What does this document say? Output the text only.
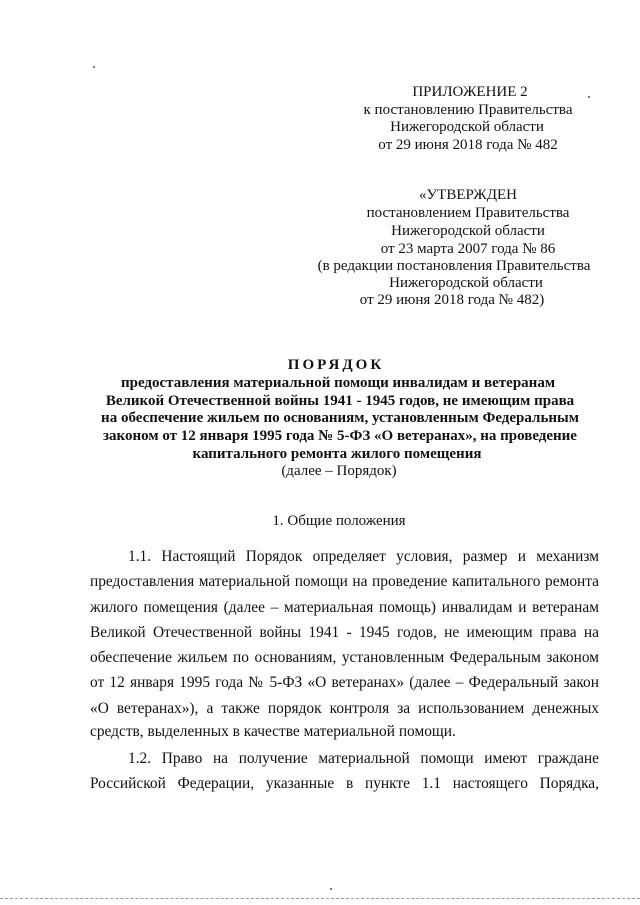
ПРИЛОЖЕНИЕ 2
к постановлению Правительства
Нижегородской области
от 29 июня 2018 года № 482
«УТВЕРЖДЕН
постановлением Правительства
Нижегородской области
от 23 марта 2007 года № 86
(в редакции постановления Правительства
Нижегородской области
от 29 июня 2018 года № 482)
ПОРЯДОК
предоставления материальной помощи инвалидам и ветеранам
Великой Отечественной войны 1941 - 1945 годов, не имеющим права
на обеспечение жильем по основаниям, установленным Федеральным
законом от 12 января 1995 года № 5-ФЗ «О ветеранах», на проведение
капитального ремонта жилого помещения
(далее – Порядок)
1. Общие положения
1.1. Настоящий Порядок определяет условия, размер и механизм
предоставления материальной помощи на проведение капитального ремонта
жилого помещения (далее – материальная помощь) инвалидам и ветеранам
Великой Отечественной войны 1941 - 1945 годов, не имеющим права на
обеспечение жильем по основаниям, установленным Федеральным законом
от 12 января 1995 года № 5-ФЗ «О ветеранах» (далее – Федеральный закон
«О ветеранах»), а также порядок контроля за использованием денежных
средств, выделенных в качестве материальной помощи.
1.2. Право на получение материальной помощи имеют граждане
Российской Федерации, указанные в пункте 1.1 настоящего Порядка,
